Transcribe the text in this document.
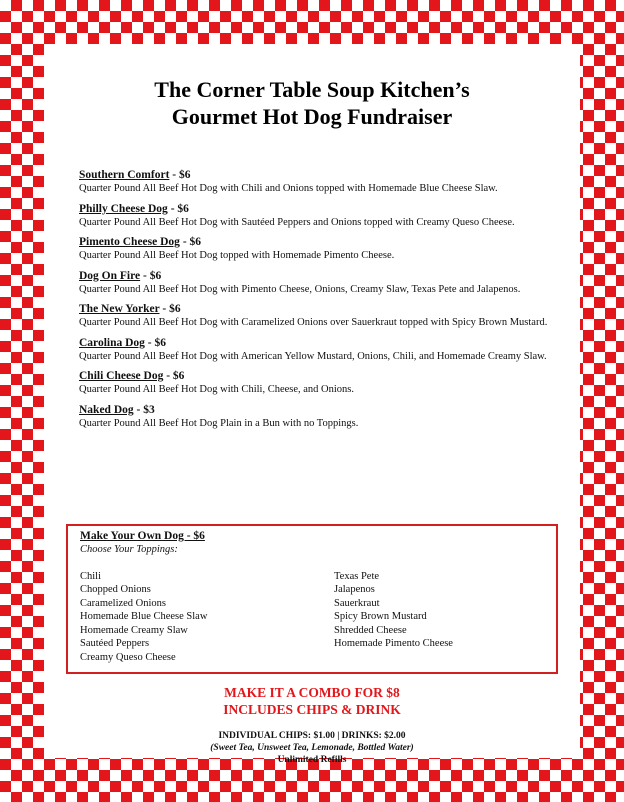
The Corner Table Soup Kitchen’s
Gourmet Hot Dog Fundraiser
Southern Comfort - $6
Quarter Pound All Beef Hot Dog with Chili and Onions topped with Homemade Blue Cheese Slaw.
Philly Cheese Dog - $6
Quarter Pound All Beef Hot Dog with Sautéed Peppers and Onions topped with Creamy Queso Cheese.
Pimento Cheese Dog - $6
Quarter Pound All Beef Hot Dog topped with Homemade Pimento Cheese.
Dog On Fire - $6
Quarter Pound All Beef Hot Dog with Pimento Cheese, Onions, Creamy Slaw, Texas Pete and Jalapenos.
The New Yorker - $6
Quarter Pound All Beef Hot Dog with Caramelized Onions over Sauerkraut topped with Spicy Brown Mustard.
Carolina Dog - $6
Quarter Pound All Beef Hot Dog with American Yellow Mustard, Onions, Chili, and Homemade Creamy Slaw.
Chili Cheese Dog - $6
Quarter Pound All Beef Hot Dog with Chili, Cheese, and Onions.
Naked Dog - $3
Quarter Pound All Beef Hot Dog Plain in a Bun with no Toppings.
Make Your Own Dog - $6
Choose Your Toppings:
Chili
Chopped Onions
Caramelized Onions
Homemade Blue Cheese Slaw
Homemade Creamy Slaw
Sautéed Peppers
Creamy Queso Cheese
Texas Pete
Jalapenos
Sauerkraut
Spicy Brown Mustard
Shredded Cheese
Homemade Pimento Cheese
MAKE IT A COMBO FOR $8
INCLUDES CHIPS & DRINK
INDIVIDUAL CHIPS: $1.00 | DRINKS: $2.00
(Sweet Tea, Unsweet Tea, Lemonade, Bottled Water)
Unlimited Refills
